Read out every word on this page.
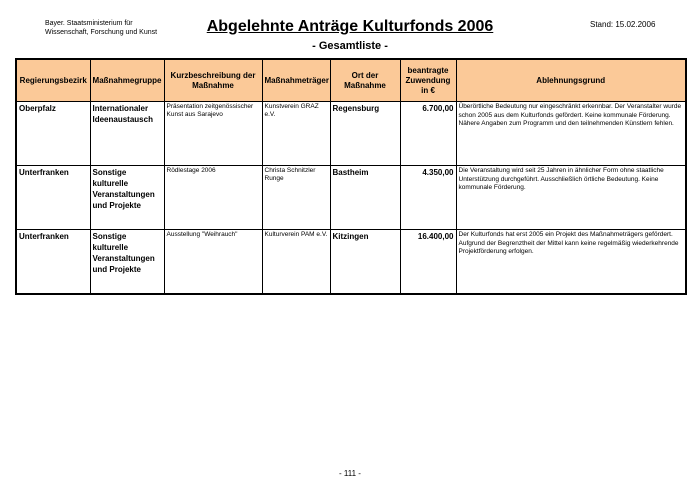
Bayer. Staatsministerium für
Wissenschaft, Forschung und Kunst	Abgelehnte Anträge Kulturfonds 2006
- Gesamtliste -
Stand: 15.02.2006
Regierungsbezirk	Maßnahmegruppe	Kurzbeschreibung der Maßnahme	Maßnahmeträger	Ort der Maßnahme	beantragte Zuwendung in €	Ablehnungsgrund
Oberpfalz	Internationaler Ideenaustausch	Präsentation zeitgenössischer Kunst aus Sarajevo	Kunstverein GRAZ e.V.	Regensburg	6.700,00	Überörtliche Bedeutung nur eingeschränkt erkennbar. Der Veranstalter wurde schon 2005 aus dem Kulturfonds gefördert. Keine kommunale Förderung. Nähere Angaben zum Programm und den teilnehmenden Künstlern fehlen.
Unterfranken	Sonstige kulturelle Veranstaltungen und Projekte	Rödlestage 2006	Christa Schnitzler Runge	Bastheim	4.350,00	Die Veranstaltung wird seit 25 Jahren in ähnlicher Form ohne staatliche Unterstützung durchgeführt. Ausschließlich örtliche Bedeutung. Keine kommunale Förderung.
Unterfranken	Sonstige kulturelle Veranstaltungen und Projekte	Ausstellung "Weihrauch"	Kulturverein PAM e.V.	Kitzingen	16.400,00	Der Kulturfonds hat erst 2005 ein Projekt des Maßnahmeträgers gefördert. Aufgrund der Begrenztheit der Mittel kann keine regelmäßig wiederkehrende Projektförderung erfolgen.
- 111 -
